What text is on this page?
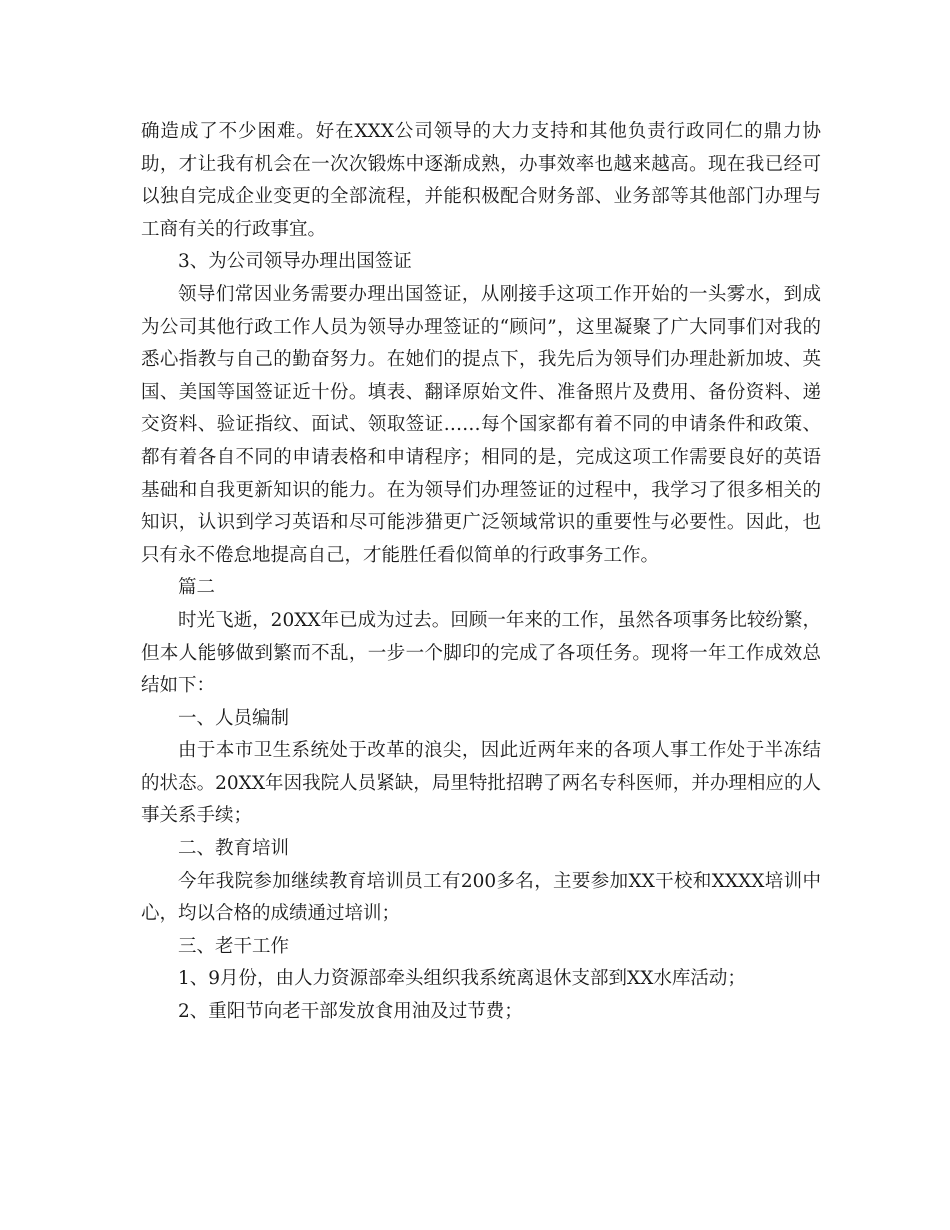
确造成了不少困难。好在XXX公司领导的大力支持和其他负责行政同仁的鼎力协助，才让我有机会在一次次锻炼中逐渐成熟，办事效率也越来越高。现在我已经可以独自完成企业变更的全部流程，并能积极配合财务部、业务部等其他部门办理与工商有关的行政事宜。

3、为公司领导办理出国签证

领导们常因业务需要办理出国签证，从刚接手这项工作开始的一头雾水，到成为公司其他行政工作人员为领导办理签证的“顾问”，这里凝聚了广大同事们对我的悉心指教与自己的勤奋努力。在她们的提点下，我先后为领导们办理赴新加坡、英国、美国等国签证近十份。填表、翻译原始文件、准备照片及费用、备份资料、递交资料、验证指纹、面试、领取签证……每个国家都有着不同的申请条件和政策、都有着各自不同的申请表格和申请程序；相同的是，完成这项工作需要良好的英语基础和自我更新知识的能力。在为领导们办理签证的过程中，我学习了很多相关的知识，认识到学习英语和尽可能涉猎更广泛领域常识的重要性与必要性。因此，也只有永不倦怠地提高自己，才能胜任看似简单的行政事务工作。

篇二

时光飞逝，20XX年已成为过去。回顾一年来的工作，虽然各项事务比较纷繁，但本人能够做到繁而不乱，一步一个脚印的完成了各项任务。现将一年工作成效总结如下：

一、人员编制

由于本市卫生系统处于改革的浪尖，因此近两年来的各项人事工作处于半冻结的状态。20XX年因我院人员紧缺，局里特批招聘了两名专科医师，并办理相应的人事关系手续；

二、教育培训

今年我院参加继续教育培训员工有200多名，主要参加XX干校和XXXX培训中心，均以合格的成绩通过培训；

三、老干工作

1、9月份，由人力资源部牵头组织我系统离退休支部到XX水库活动；

2、重阳节向老干部发放食用油及过节费；
